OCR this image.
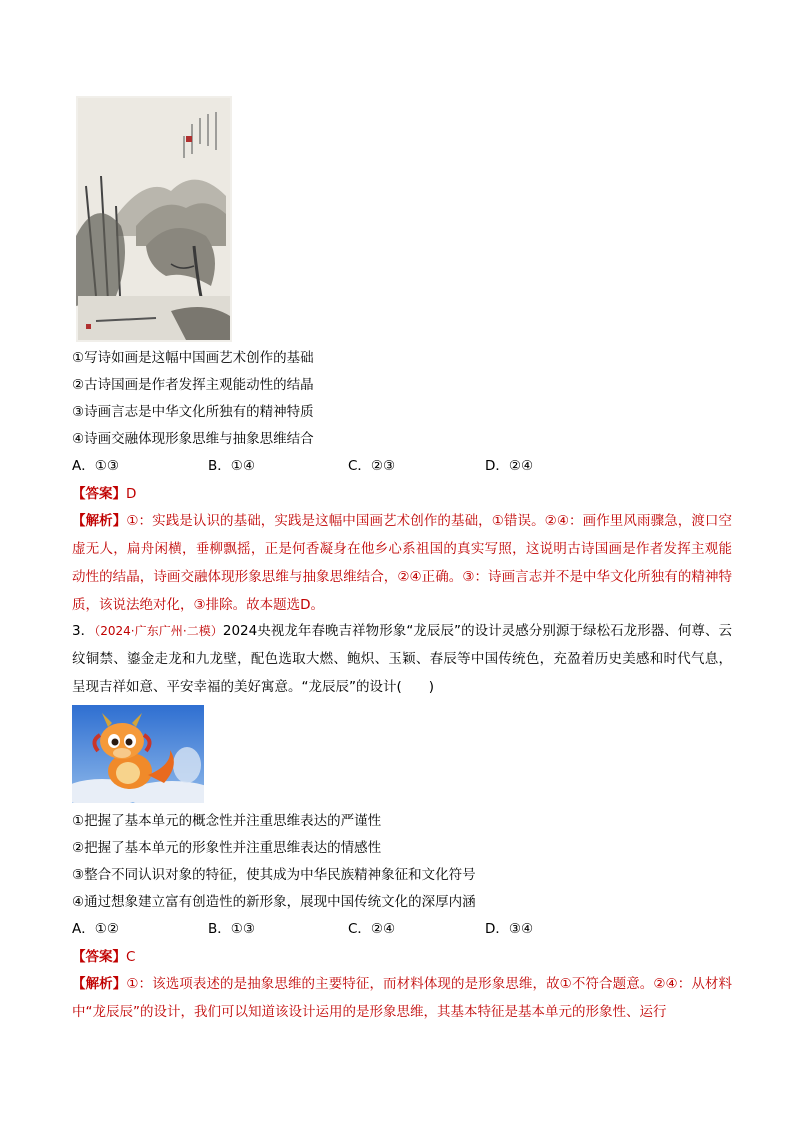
①写诗如画是这幅中国画艺术创作的基础
②古诗国画是作者发挥主观能动性的结晶
③诗画言志是中华文化所独有的精神特质
④诗画交融体现形象思维与抽象思维结合
A．①③	B．①④	C．②③	D．②④
【答案】D
【解析】①：实践是认识的基础，实践是这幅中国画艺术创作的基础，①错误。②④：画作里风雨骤急，渡口空虚无人，扁舟闲横，垂柳飘摇，正是何香凝身在他乡心系祖国的真实写照，这说明古诗国画是作者发挥主观能动性的结晶，诗画交融体现形象思维与抽象思维结合，②④正确。③：诗画言志并不是中华文化所独有的精神特质，该说法绝对化，③排除。故本题选D。
3．（2024·广东广州·二模）2024央视龙年春晚吉祥物形象“龙辰辰”的设计灵感分别源于绿松石龙形器、何尊、云纹铜禁、鎏金走龙和九龙壁，配色选取大燃、鲍炽、玉颖、春辰等中国传统色，充盈着历史美感和时代气息，呈现吉祥如意、平安幸福的美好寓意。“龙辰辰”的设计(　　)
①把握了基本单元的概念性并注重思维表达的严谨性
②把握了基本单元的形象性并注重思维表达的情感性
③整合不同认识对象的特征，使其成为中华民族精神象征和文化符号
④通过想象建立富有创造性的新形象，展现中国传统文化的深厚内涵
A．①②	B．①③	C．②④	D．③④
【答案】C
【解析】①：该选项表述的是抽象思维的主要特征，而材料体现的是形象思维，故①不符合题意。②④：从材料中“龙辰辰”的设计，我们可以知道该设计运用的是形象思维，其基本特征是基本单元的形象性、运行
